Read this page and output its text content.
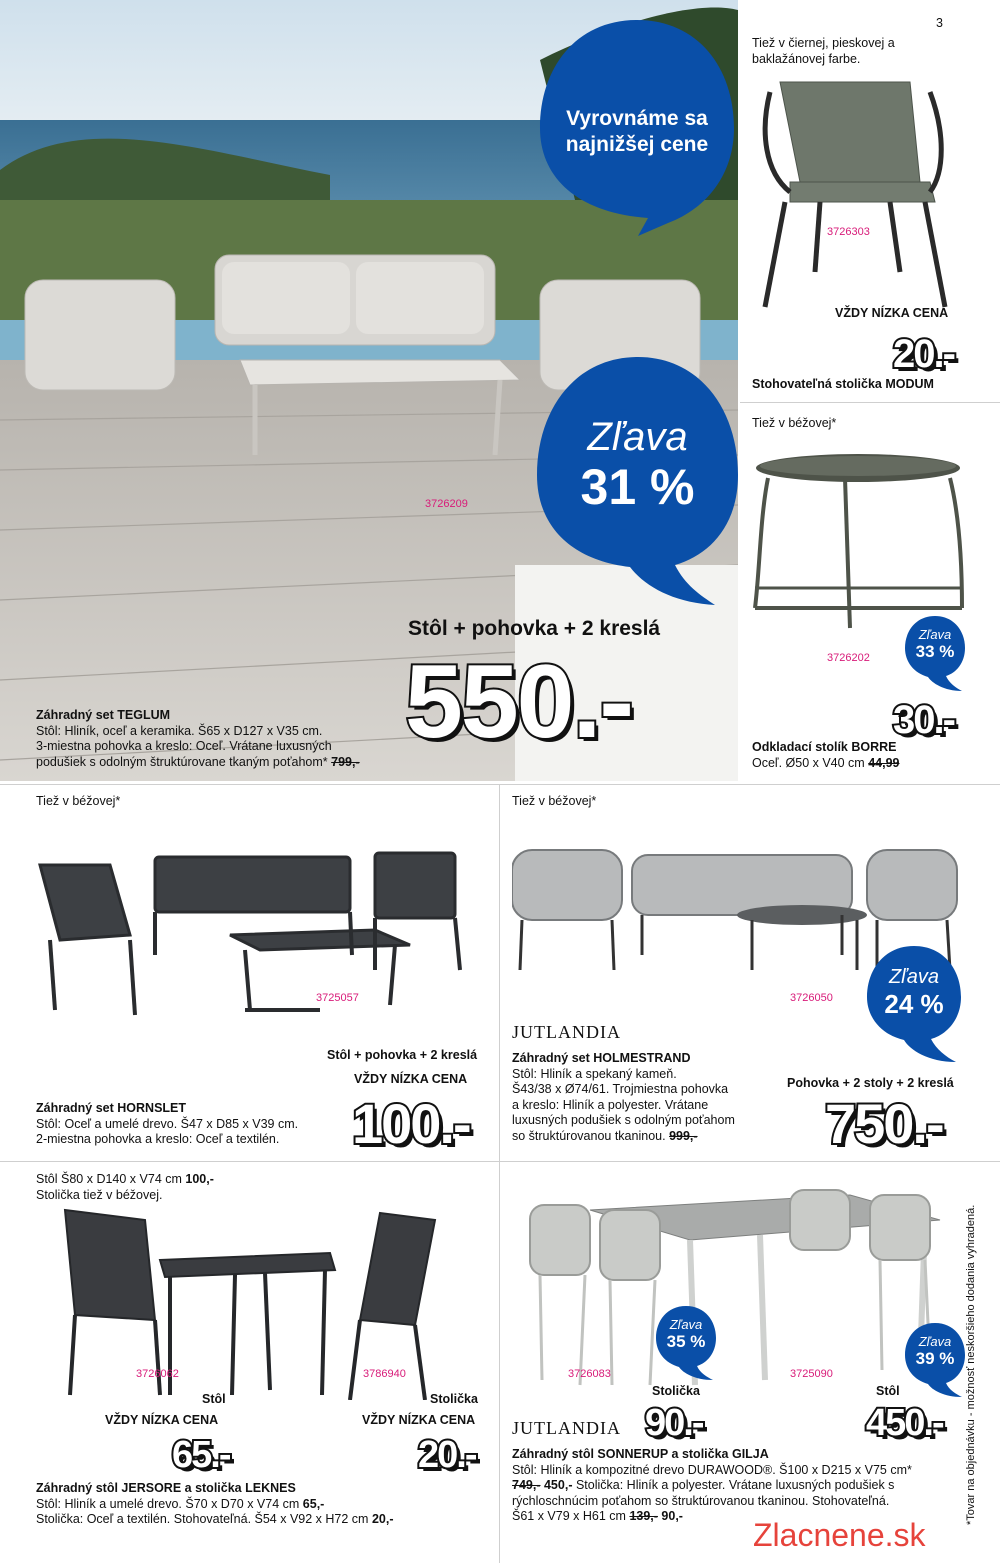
Vyrovnáme sa
najnižšej cene
Zľava
31 %
3726209
Stôl + pohovka + 2 kreslá
550.-
Záhradný set TEGLUM
Stôl: Hliník, oceľ a keramika. Š65 x D127 x V35 cm.
3-miestna pohovka a kreslo: Oceľ. Vrátane luxusných
podušiek s odolným štruktúrovane tkaným poťahom* 799,-
3
Tiež v čiernej, pieskovej a
baklažánovej farbe.
3726303
VŽDY NÍZKA CENA
20.-
Stohovateľná stolička MODUM
Tiež v béžovej*
Zľava
33 %
3726202
30.-
Odkladací stolík BORRE
Oceľ. Ø50 x V40 cm 44,99
Tiež v béžovej*
3725057
Stôl + pohovka + 2 kreslá
VŽDY NÍZKA CENA
100.-
Záhradný set HORNSLET
Stôl: Oceľ a umelé drevo. Š47 x D85 x V39 cm.
2-miestna pohovka a kreslo: Oceľ a textilén.
Tiež v béžovej*
Zľava
24 %
3726050
JUTLANDIA
Záhradný set HOLMESTRAND
Stôl: Hliník a spekaný kameň.
Š43/38 x Ø74/61. Trojmiestna pohovka
a kreslo: Hliník a polyester. Vrátane
luxusných podušiek s odolným poťahom
so štruktúrovanou tkaninou. 999,-
Pohovka + 2 stoly + 2 kreslá
750.-
Stôl Š80 x D140 x V74 cm 100,-
Stolička tiež v béžovej.
3726062	3786940
Stôl
VŽDY NÍZKA CENA
65.-
Stolička
VŽDY NÍZKA CENA
20.-
Záhradný stôl JERSORE a stolička LEKNES
Stôl: Hliník a umelé drevo. Š70 x D70 x V74 cm 65,-
Stolička: Oceľ a textilén. Stohovateľná. Š54 x V92 x H72 cm 20,-
Zľava
35 %	Zľava
39 %
3726083	3725090
Stolička
90.-
Stôl
450.-
JUTLANDIA
Záhradný stôl SONNERUP a stolička GILJA
Stôl: Hliník a kompozitné drevo DURAWOOD®. Š100 x D215 x V75 cm*
749,- 450,- Stolička: Hliník a polyester. Vrátane luxusných podušiek s
rýchloschnúcim poťahom so štruktúrovanou tkaninou. Stohovateľná.
Š61 x V79 x H61 cm 139,- 90,-	*Tovar na objednávku - možnosť neskoršieho dodania vyhradená.
Zlacnene.sk
